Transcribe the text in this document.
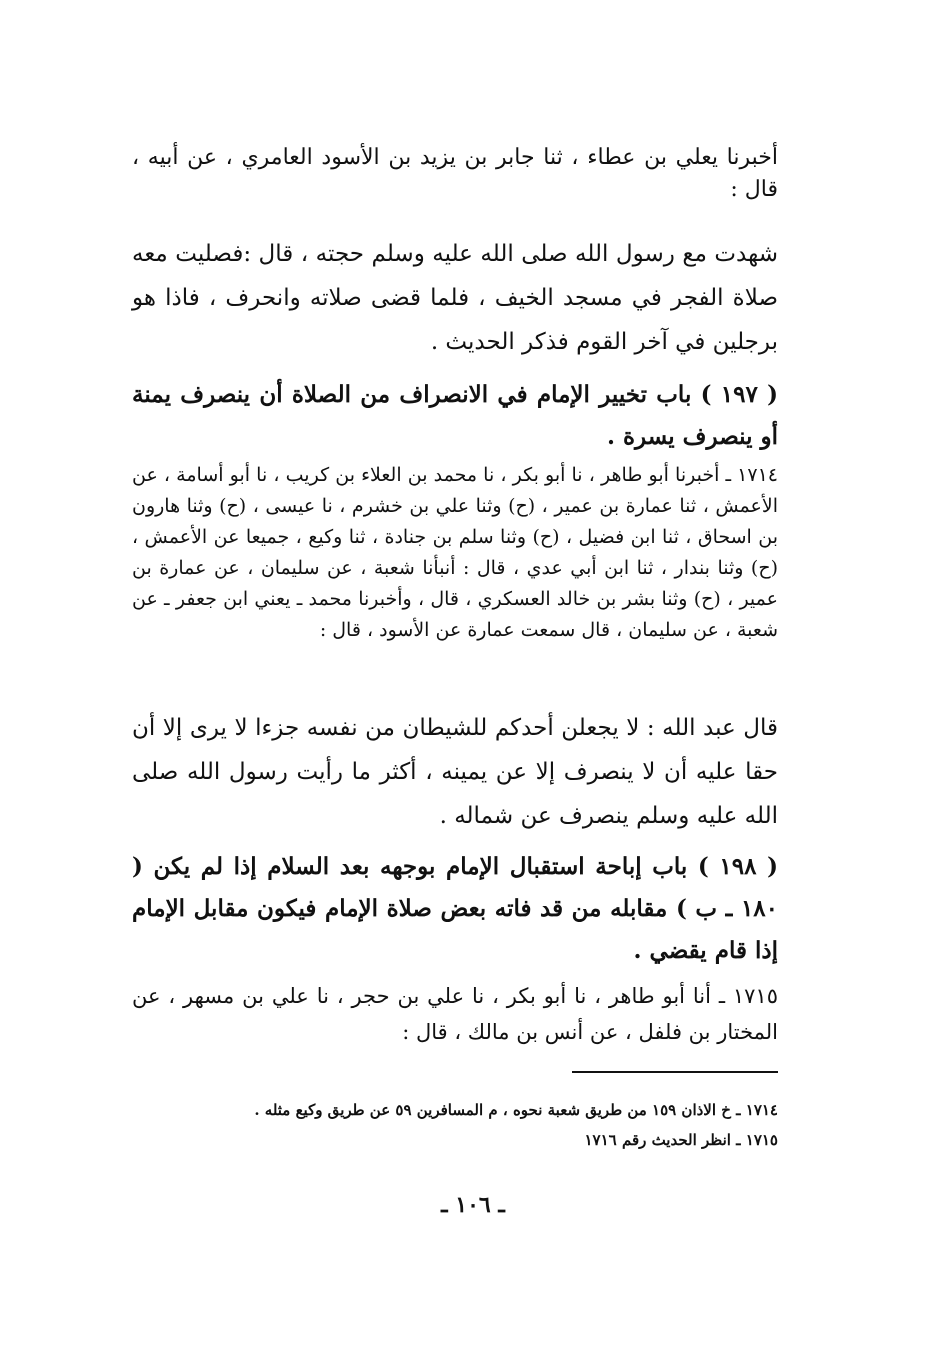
أخبرنا يعلي بن عطاء ، ثنا جابر بن يزيد بن الأسود العامري ، عن أبيه ، قال :

شهدت مع رسول الله صلى الله عليه وسلم حجته ، قال :فصليت معه صلاة الفجر في مسجد الخيف ، فلما قضى صلاته وانحرف ، فاذا هو برجلين في آخر القوم فذكر الحديث .

( ١٩٧ ) باب تخيير الإمام في الانصراف من الصلاة أن ينصرف يمنة أو ينصرف يسرة .

١٧١٤ ـ أخبرنا أبو طاهر ، نا أبو بكر ، نا محمد بن العلاء بن كريب ، نا أبو أسامة ، عن الأعمش ، ثنا عمارة بن عمير ، (ح) وثنا علي بن خشرم ، نا عيسى ، (ح) وثنا هارون بن اسحاق ، ثنا ابن فضيل ، (ح) وثنا سلم بن جنادة ، ثنا وكيع ، جميعا عن الأعمش ، (ح) وثنا بندار ، ثنا ابن أبي عدي ، قال : أنبأنا شعبة ، عن سليمان ، عن عمارة بن عمير ، (ح) وثنا بشر بن خالد العسكري ، قال ، وأخبرنا محمد ـ يعني ابن جعفر ـ عن شعبة ، عن سليمان ، قال سمعت عمارة عن الأسود ، قال :

قال عبد الله : لا يجعلن أحدكم للشيطان من نفسه جزءا لا يرى إلا أن حقا عليه أن لا ينصرف إلا عن يمينه ، أكثر ما رأيت رسول الله صلى الله عليه وسلم ينصرف عن شماله .

( ١٩٨ ) باب إباحة استقبال الإمام بوجهه بعد السلام إذا لم يكن ( ١٨٠ ـ ب ) مقابله من قد فاته بعض صلاة الإمام فيكون مقابل الإمام إذا قام يقضي .

١٧١٥ ـ أنا أبو طاهر ، نا أبو بكر ، نا علي بن حجر ، نا علي بن مسهر ، عن المختار بن فلفل ، عن أنس بن مالك ، قال :

١٧١٤ ـ خ الاذان ١٥٩ من طريق شعبة نحوه ، م المسافرين ٥٩ عن طريق وكيع مثله .

١٧١٥ ـ انظر الحديث رقم ١٧١٦

ـ ١٠٦ ـ
